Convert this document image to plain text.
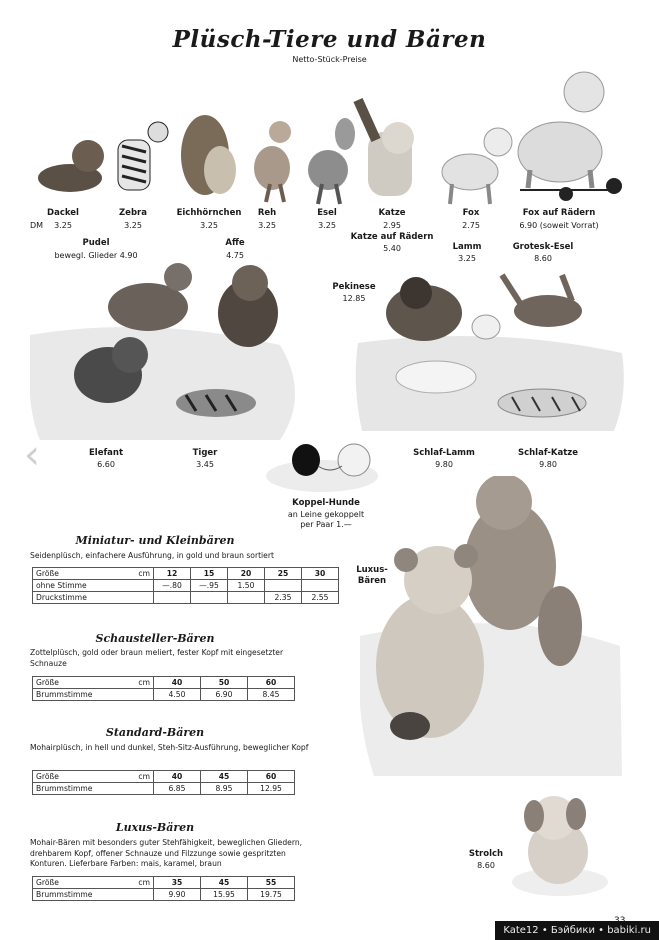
Plüsch-Tiere und Bären
Netto-Stück-Preise
Dackel
DM	3.25
Zebra
3.25
Eichhörnchen
3.25
Reh
3.25
Esel
3.25
Katze
2.95
Katze auf Rädern
5.40
Fox
2.75
Fox auf Rädern
6.90 (soweit Vorrat)
Pudel
bewegl. Glieder 4.90
Affe
4.75
Lamm
3.25
Grotesk-Esel
8.60
Pekinese
12.85
Elefant
6.60
Tiger
3.45
Schlaf-Lamm
9.80
Schlaf-Katze
9.80
Koppel-Hunde
an Leine gekoppelt
per Paar 1.—
Luxus-
Bären
Strolch
8.60
Miniatur- und Kleinbären
Seidenplüsch, einfachere Ausführung, in gold und braun sortiert
Größe	cm	12	15	20	25	30
ohne Stimme		—.80	—.95	1.50		
Druckstimme					2.35	2.55
Schausteller-Bären
Zottelplüsch, gold oder braun meliert, fester Kopf mit eingesetzter Schnauze
Größe	cm	40	50	60
Brummstimme		4.50	6.90	8.45
Standard-Bären
Mohairplüsch, in hell und dunkel, Steh-Sitz-Ausführung, beweglicher Kopf
Größe	cm	40	45	60
Brummstimme		6.85	8.95	12.95
Luxus-Bären
Mohair-Bären mit besonders guter Stehfähigkeit, beweglichen Gliedern, drehbarem Kopf, offener Schnauze und Filzzunge sowie gespritzten Konturen. Lieferbare Farben: mais, karamel, braun
Größe	cm	35	45	55
Brummstimme		9.90	15.95	19.75
‹
Kate12 • Бэйбики • babiki.ru
